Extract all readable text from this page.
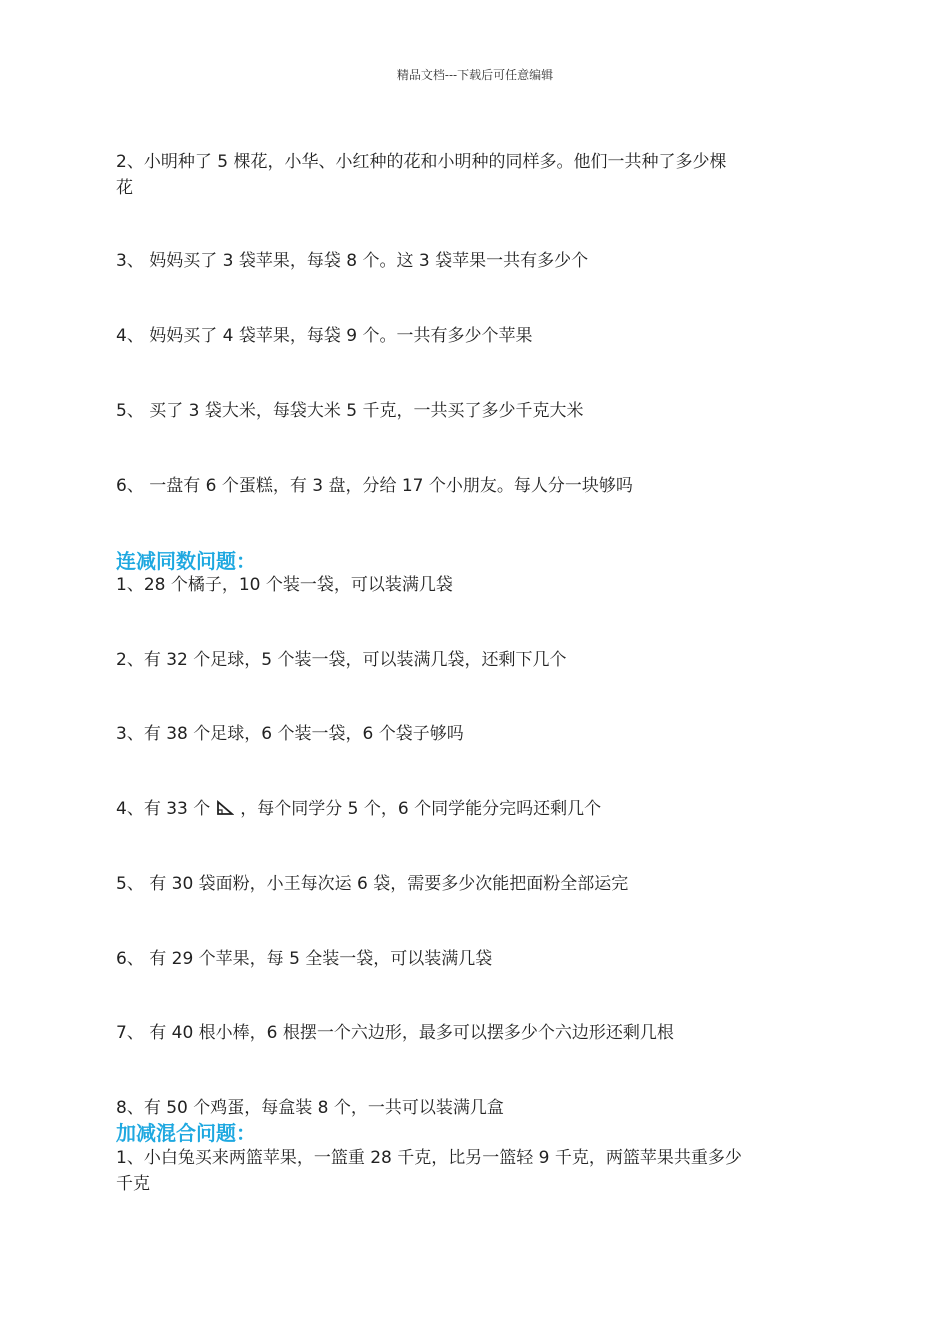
精品文档---下载后可任意编辑
2、小明种了 5 棵花，小华、小红种的花和小明种的同样多。他们一共种了多少棵
花
3、 妈妈买了 3 袋苹果，每袋 8 个。这 3 袋苹果一共有多少个
4、 妈妈买了 4 袋苹果，每袋 9 个。一共有多少个苹果
5、 买了 3 袋大米，每袋大米 5 千克，一共买了多少千克大米
6、 一盘有 6 个蛋糕，有 3 盘，分给 17 个小朋友。每人分一块够吗
连减同数问题：
1、28 个橘子，10 个装一袋，可以装满几袋
2、有 32 个足球，5 个装一袋，可以装满几袋，还剩下几个
3、有 38 个足球，6 个装一袋，6 个袋子够吗
4、有 33 个 ，每个同学分 5 个，6 个同学能分完吗还剩几个
5、 有 30 袋面粉，小王每次运 6 袋，需要多少次能把面粉全部运完
6、 有 29 个苹果，每 5 全装一袋，可以装满几袋
7、 有 40 根小棒，6 根摆一个六边形，最多可以摆多少个六边形还剩几根
8、有 50 个鸡蛋，每盒装 8 个，一共可以装满几盒
加减混合问题：
1、小白兔买来两篮苹果，一篮重 28 千克，比另一篮轻 9 千克，两篮苹果共重多少
千克
